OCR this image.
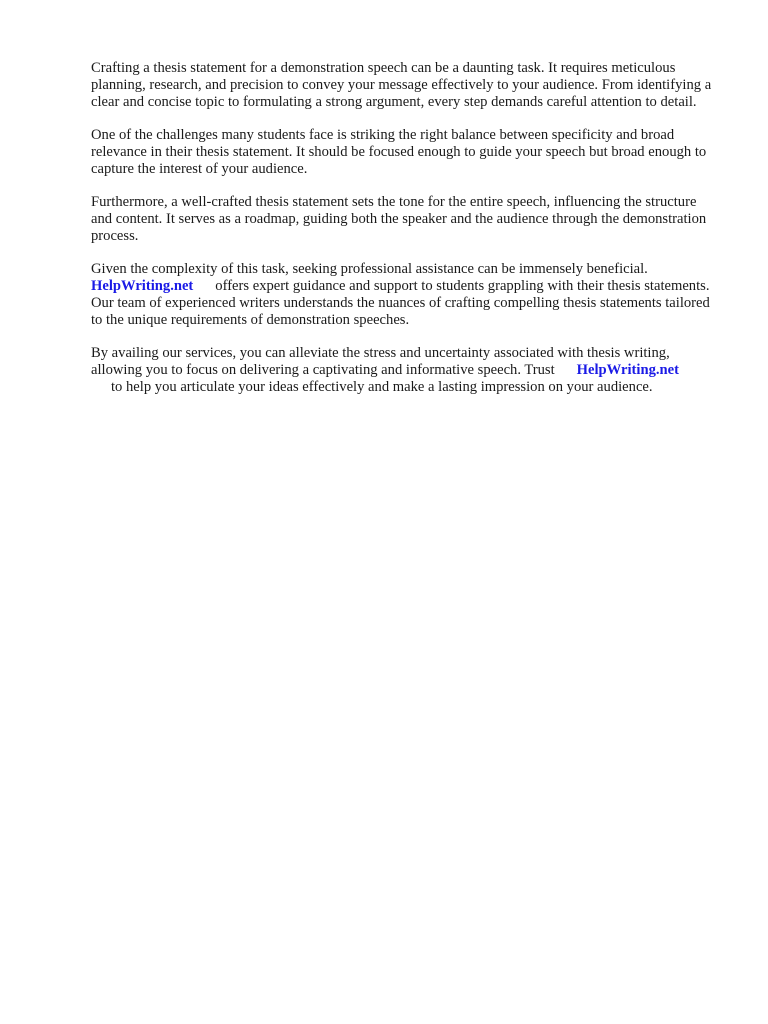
Crafting a thesis statement for a demonstration speech can be a daunting task. It requires meticulous planning, research, and precision to convey your message effectively to your audience. From identifying a clear and concise topic to formulating a strong argument, every step demands careful attention to detail.

One of the challenges many students face is striking the right balance between specificity and broad relevance in their thesis statement. It should be focused enough to guide your speech but broad enough to capture the interest of your audience.

Furthermore, a well-crafted thesis statement sets the tone for the entire speech, influencing the structure and content. It serves as a roadmap, guiding both the speaker and the audience through the demonstration process.

Given the complexity of this task, seeking professional assistance can be immensely beneficial.
HelpWriting.net offers expert guidance and support to students grappling with their thesis statements. Our team of experienced writers understands the nuances of crafting compelling thesis statements tailored to the unique requirements of demonstration speeches.

By availing our services, you can alleviate the stress and uncertainty associated with thesis writing, allowing you to focus on delivering a captivating and informative speech. Trust HelpWriting.net
to help you articulate your ideas effectively and make a lasting impression on your audience.
